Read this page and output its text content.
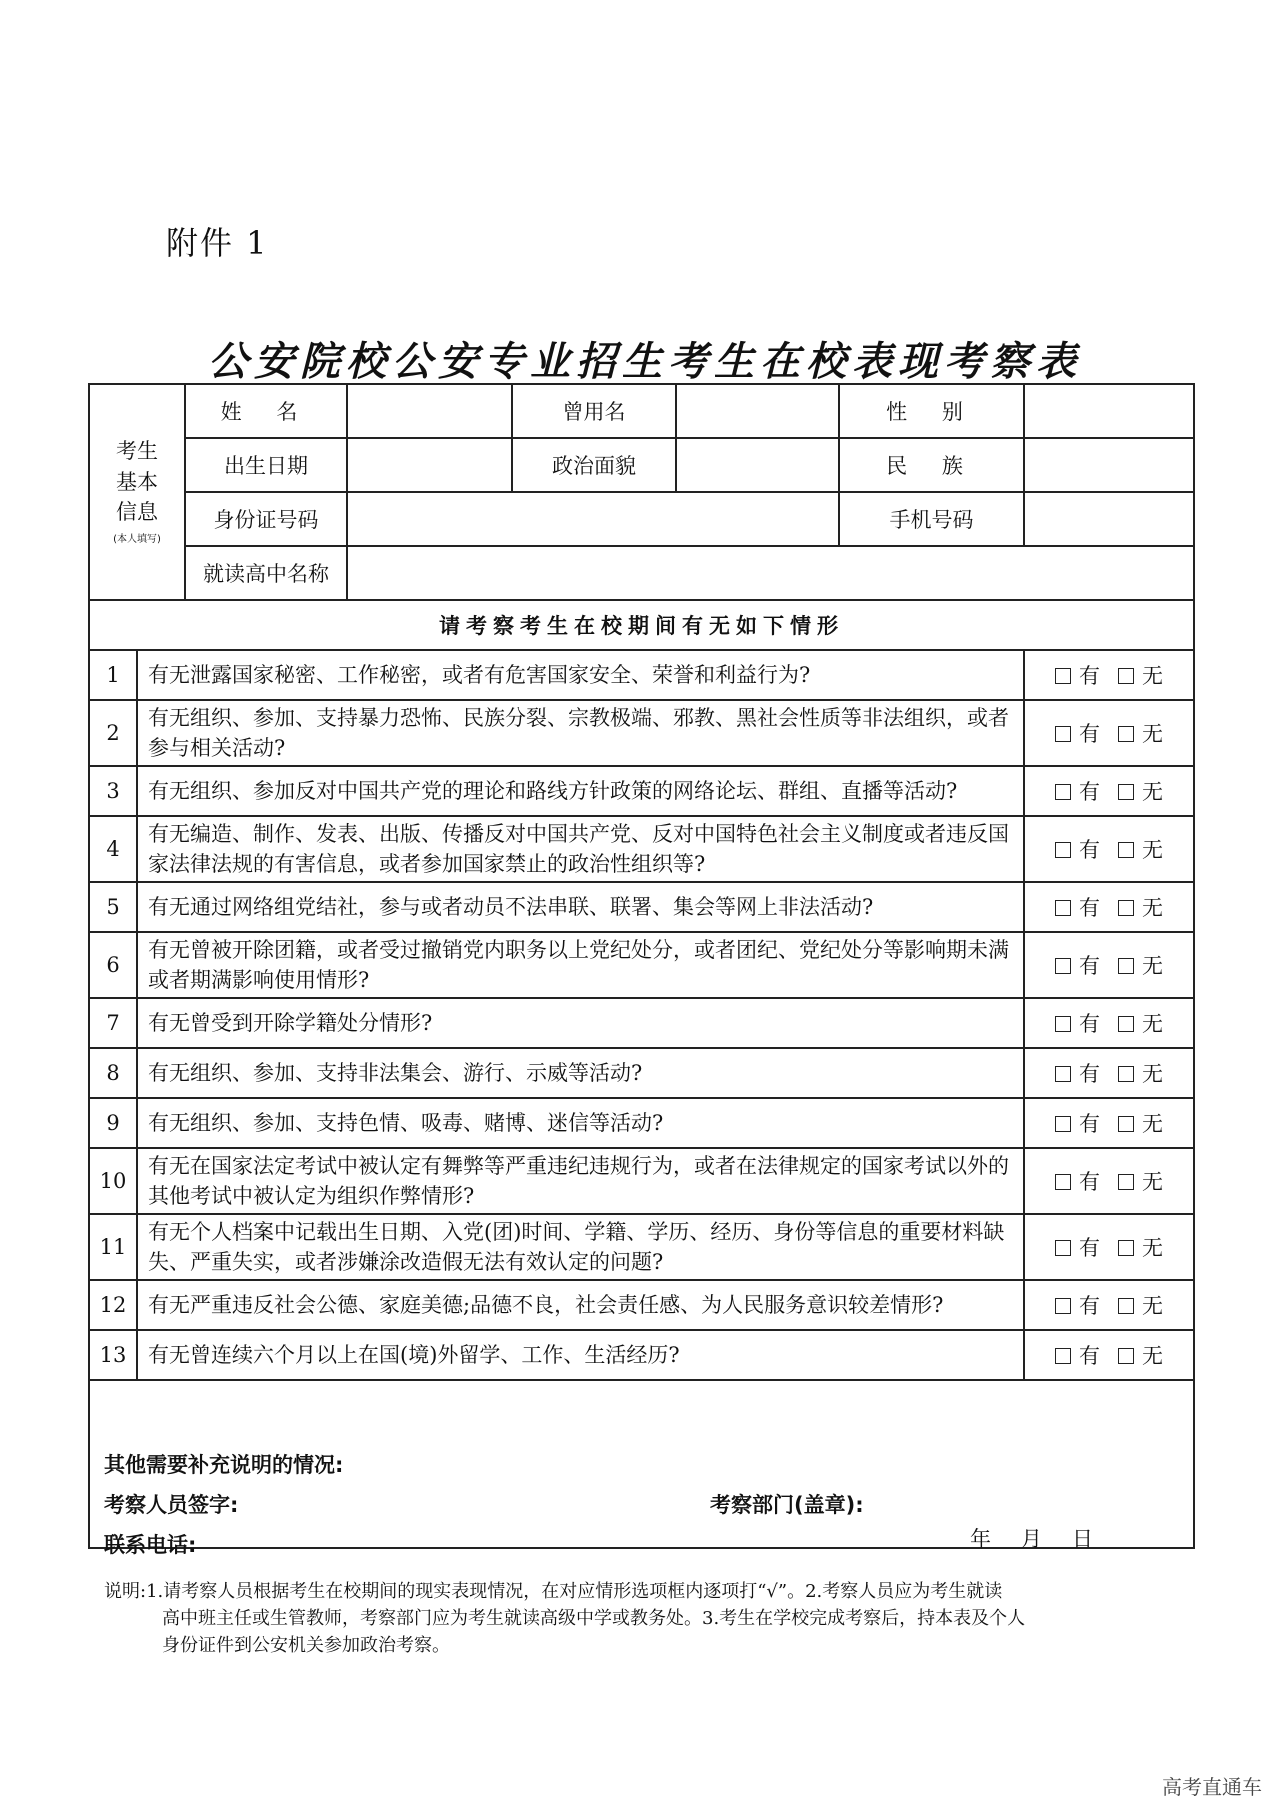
附件 1
公安院校公安专业招生考生在校表现考察表
考生
基本
信息
(本人填写)		姓 名		曾用名		性 别	
		出生日期		政治面貌		民 族	
		身份证号码				手机号码	
		就读高中名称					
请考察考生在校期间有无如下情形							
1	有无泄露国家秘密、工作秘密，或者有危害国家安全、荣誉和利益行为?						有 无
2	有无组织、参加、支持暴力恐怖、民族分裂、宗教极端、邪教、黑社会性质等非法组织，或者参与相关活动?						有 无
3	有无组织、参加反对中国共产党的理论和路线方针政策的网络论坛、群组、直播等活动?						有 无
4	有无编造、制作、发表、出版、传播反对中国共产党、反对中国特色社会主义制度或者违反国家法律法规的有害信息，或者参加国家禁止的政治性组织等?						有 无
5	有无通过网络组党结社，参与或者动员不法串联、联署、集会等网上非法活动?						有 无
6	有无曾被开除团籍，或者受过撤销党内职务以上党纪处分，或者团纪、党纪处分等影响期未满或者期满影响使用情形?						有 无
7	有无曾受到开除学籍处分情形?						有 无
8	有无组织、参加、支持非法集会、游行、示威等活动?						有 无
9	有无组织、参加、支持色情、吸毒、赌博、迷信等活动?						有 无
10	有无在国家法定考试中被认定有舞弊等严重违纪违规行为，或者在法律规定的国家考试以外的其他考试中被认定为组织作弊情形?						有 无
11	有无个人档案中记载出生日期、入党(团)时间、学籍、学历、经历、身份等信息的重要材料缺失、严重失实，或者涉嫌涂改造假无法有效认定的问题?						有 无
12	有无严重违反社会公德、家庭美德;品德不良，社会责任感、为人民服务意识较差情形?						有 无
13	有无曾连续六个月以上在国(境)外留学、工作、生活经历?						有 无

其他需要补充说明的情况:
考察人员签字:
联系电话:
考察部门(盖章):
年 月 日							
说明:1.请考察人员根据考生在校期间的现实表现情况，在对应情形选项框内逐项打“√”。2.考察人员应为考生就读
高中班主任或生管教师，考察部门应为考生就读高级中学或教务处。3.考生在学校完成考察后，持本表及个人
身份证件到公安机关参加政治考察。
高考直通车
